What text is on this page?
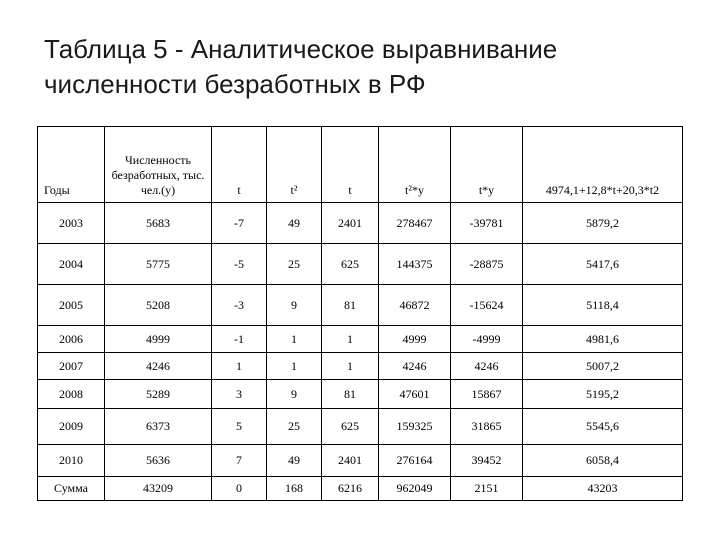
Таблица 5 - Аналитическое выравнивание
численности безработных в РФ
Годы	Численность безработных, тыс. чел.(y)	t	t²	t	t²*y	t*y	4974,1+12,8*t+20,3*t2
2003	5683	-7	49	2401	278467	-39781	5879,2
2004	5775	-5	25	625	144375	-28875	5417,6
2005	5208	-3	9	81	46872	-15624	5118,4
2006	4999	-1	1	1	4999	-4999	4981,6
2007	4246	1	1	1	4246	4246	5007,2
2008	5289	3	9	81	47601	15867	5195,2
2009	6373	5	25	625	159325	31865	5545,6
2010	5636	7	49	2401	276164	39452	6058,4
Сумма	43209	0	168	6216	962049	2151	43203
